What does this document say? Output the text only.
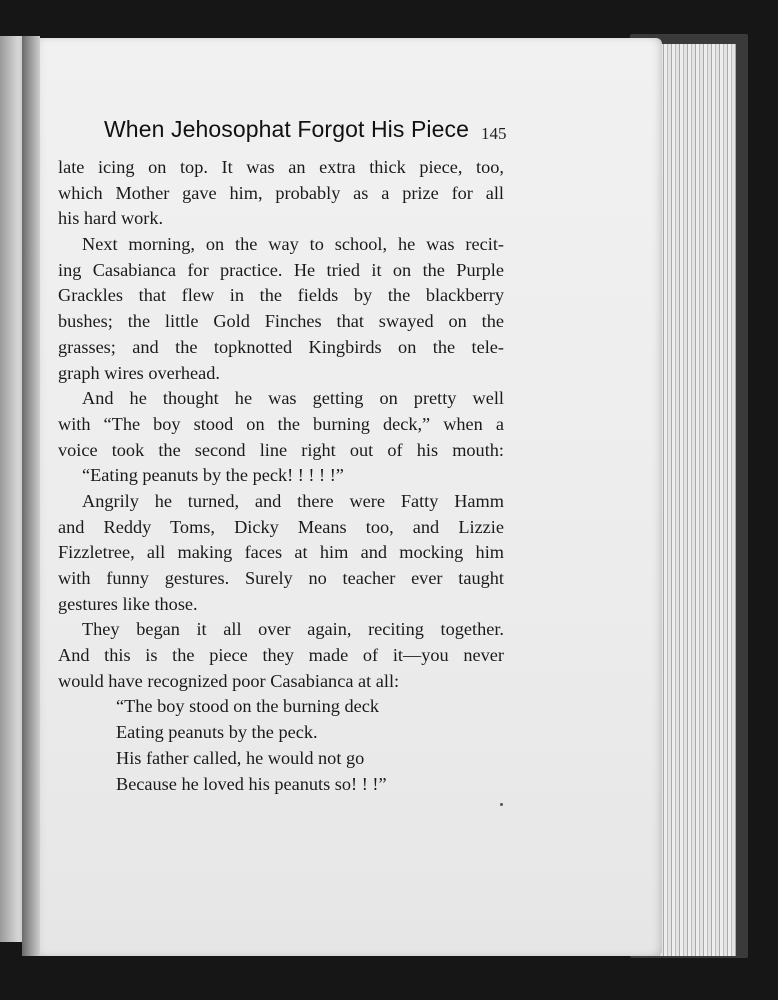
When Jehosophat Forgot His Piece 145
late icing on top. It was an extra thick piece, too,
which Mother gave him, probably as a prize for all
his hard work.
Next morning, on the way to school, he was recit-
ing Casabianca for practice. He tried it on the Purple
Grackles that flew in the fields by the blackberry
bushes; the little Gold Finches that swayed on the
grasses; and the topknotted Kingbirds on the tele-
graph wires overhead.
And he thought he was getting on pretty well
with “The boy stood on the burning deck,” when a
voice took the second line right out of his mouth:
“Eating peanuts by the peck! ! ! ! !”
Angrily he turned, and there were Fatty Hamm
and Reddy Toms, Dicky Means too, and Lizzie
Fizzletree, all making faces at him and mocking him
with funny gestures. Surely no teacher ever taught
gestures like those.
They began it all over again, reciting together.
And this is the piece they made of it—you never
would have recognized poor Casabianca at all:
“The boy stood on the burning deck
Eating peanuts by the peck.
His father called, he would not go
Because he loved his peanuts so! ! !”
